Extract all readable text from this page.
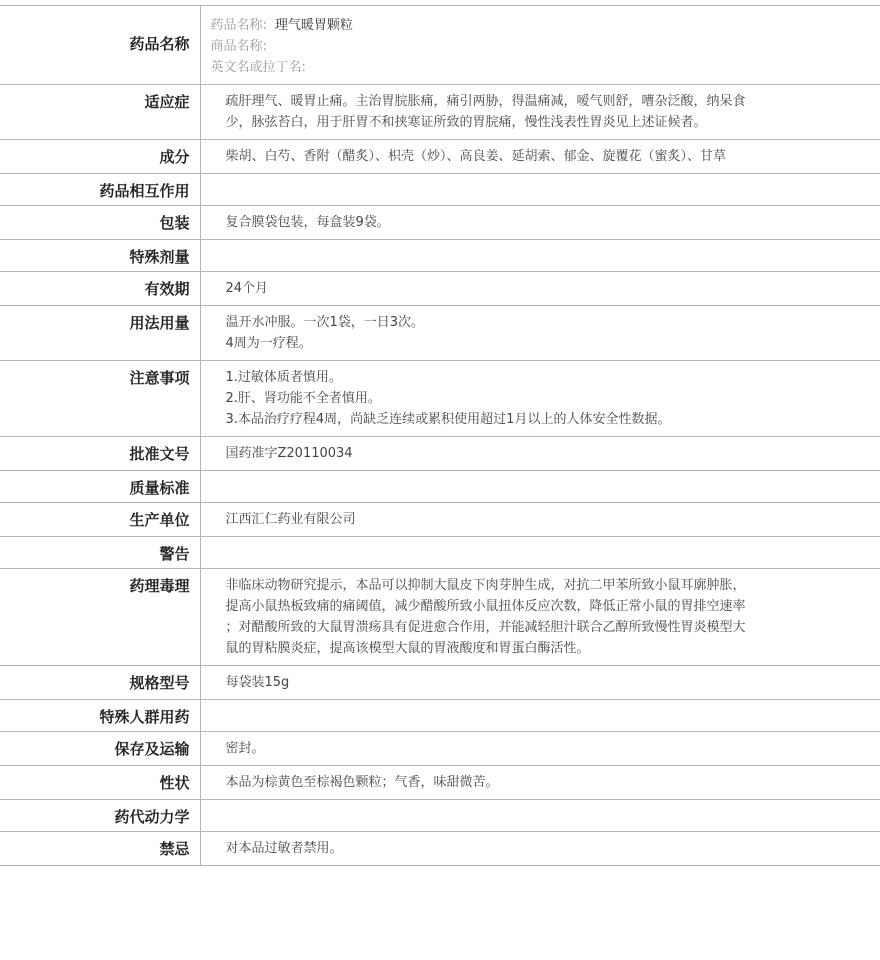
药品名称	药品名称: 理气暖胃颗粒
商品名称:
英文名或拉丁名:

适应症	疏肝理气、暖胃止痛。主治胃脘胀痛，痛引两胁，得温痛减，嗳气则舒，嘈杂泛酸，纳呆食
少，脉弦苔白，用于肝胃不和挟寒证所致的胃脘痛，慢性浅表性胃炎见上述证候者。

成分	柴胡、白芍、香附（醋炙）、枳壳（炒）、高良姜、延胡索、郁金、旋覆花（蜜炙）、甘草

药品相互作用	
包装	复合膜袋包装，每盒装9袋。

特殊剂量	
有效期	24个月

用法用量	温开水冲服。一次1袋，一日3次。
4周为一疗程。

注意事项	1.过敏体质者慎用。
2.肝、肾功能不全者慎用。
3.本品治疗疗程4周，尚缺乏连续或累积使用超过1月以上的人体安全性数据。

批准文号	国药准字Z20110034

质量标准	
生产单位	江西汇仁药业有限公司

警告	
药理毒理	非临床动物研究提示，本品可以抑制大鼠皮下肉芽肿生成，对抗二甲苯所致小鼠耳廓肿胀，
提高小鼠热板致痛的痛阈值，减少醋酸所致小鼠扭体反应次数，降低正常小鼠的胃排空速率
；对醋酸所致的大鼠胃溃疡具有促进愈合作用，并能减轻胆汁联合乙醇所致慢性胃炎模型大
鼠的胃粘膜炎症，提高该模型大鼠的胃液酸度和胃蛋白酶活性。

规格型号	每袋装15g

特殊人群用药	
保存及运输	密封。

性状	本品为棕黄色至棕褐色颗粒；气香，味甜微苦。

药代动力学	
禁忌	对本品过敏者禁用。
